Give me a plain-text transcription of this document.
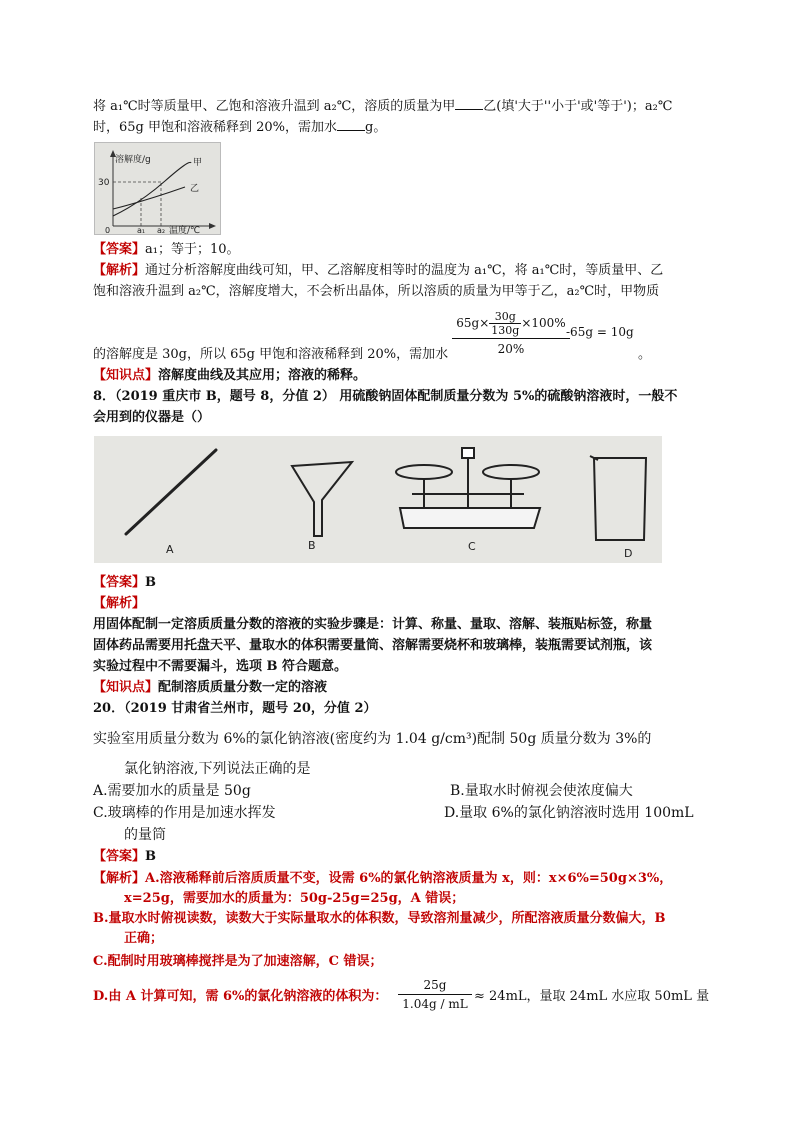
将 a₁℃时等质量甲、乙饱和溶液升温到 a₂℃，溶质的质量为甲 乙(填'大于''小于'或'等于')；a₂℃
时，65g 甲饱和溶液稀释到 20%，需加水 g。
溶解度/g
30
0	a₁ a₂ 温度/℃
甲
乙
【答案】a₁；等于；10。
【解析】通过分析溶解度曲线可知，甲、乙溶解度相等时的温度为 a₁℃，将 a₁℃时，等质量甲、乙
饱和溶液升温到 a₂℃，溶解度增大，不会析出晶体，所以溶质的质量为甲等于乙，a₂℃时，甲物质
$65g\times \frac{30g}{130g} \times 100\%$
20%
-65g = 10g
的溶解度是 30g，所以 65g 甲饱和溶液稀释到 20%，需加水	。
【知识点】溶解度曲线及其应用；溶液的稀释。
8．（2019 重庆市 B，题号 8，分值 2） 用硫酸钠固体配制质量分数为 5%的硫酸钠溶液时，一般不
会用到的仪器是（）
A	B	C
D
【答案】B
【解析】
用固体配制一定溶质质量分数的溶液的实验步骤是：计算、称量、量取、溶解、装瓶贴标签，称量
固体药品需要用托盘天平、量取水的体积需要量筒、溶解需要烧杯和玻璃棒，装瓶需要试剂瓶，该
实验过程中不需要漏斗，选项 B 符合题意。
【知识点】配制溶质质量分数一定的溶液
20．（2019 甘肃省兰州市，题号 20，分值 2）
实验室用质量分数为 6%的氯化钠溶液(密度约为 1.04 g/cm³)配制 50g 质量分数为 3%的
氯化钠溶液,下列说法正确的是
A.需要加水的质量是 50g	B.量取水时俯视会使浓度偏大
C.玻璃棒的作用是加速水挥发	D.量取 6%的氯化钠溶液时选用 100mL
的量筒
【答案】B
【解析】A.溶液稀释前后溶质质量不变，设需 6%的氯化钠溶液质量为 x，则：x×6%=50g×3%，
x=25g，需要加水的质量为：50g-25g=25g，A 错误；
B.量取水时俯视读数，读数大于实际量取水的体积数，导致溶剂量减少，所配溶液质量分数偏大，B
正确；
C.配制时用玻璃棒搅拌是为了加速溶解，C 错误；
D.由 A 计算可知，需 6%的氯化钠溶液的体积为： $\frac{25g}{1.04g / mL} \approx 24mL$，量取 24mL 水应取 50mL 量
